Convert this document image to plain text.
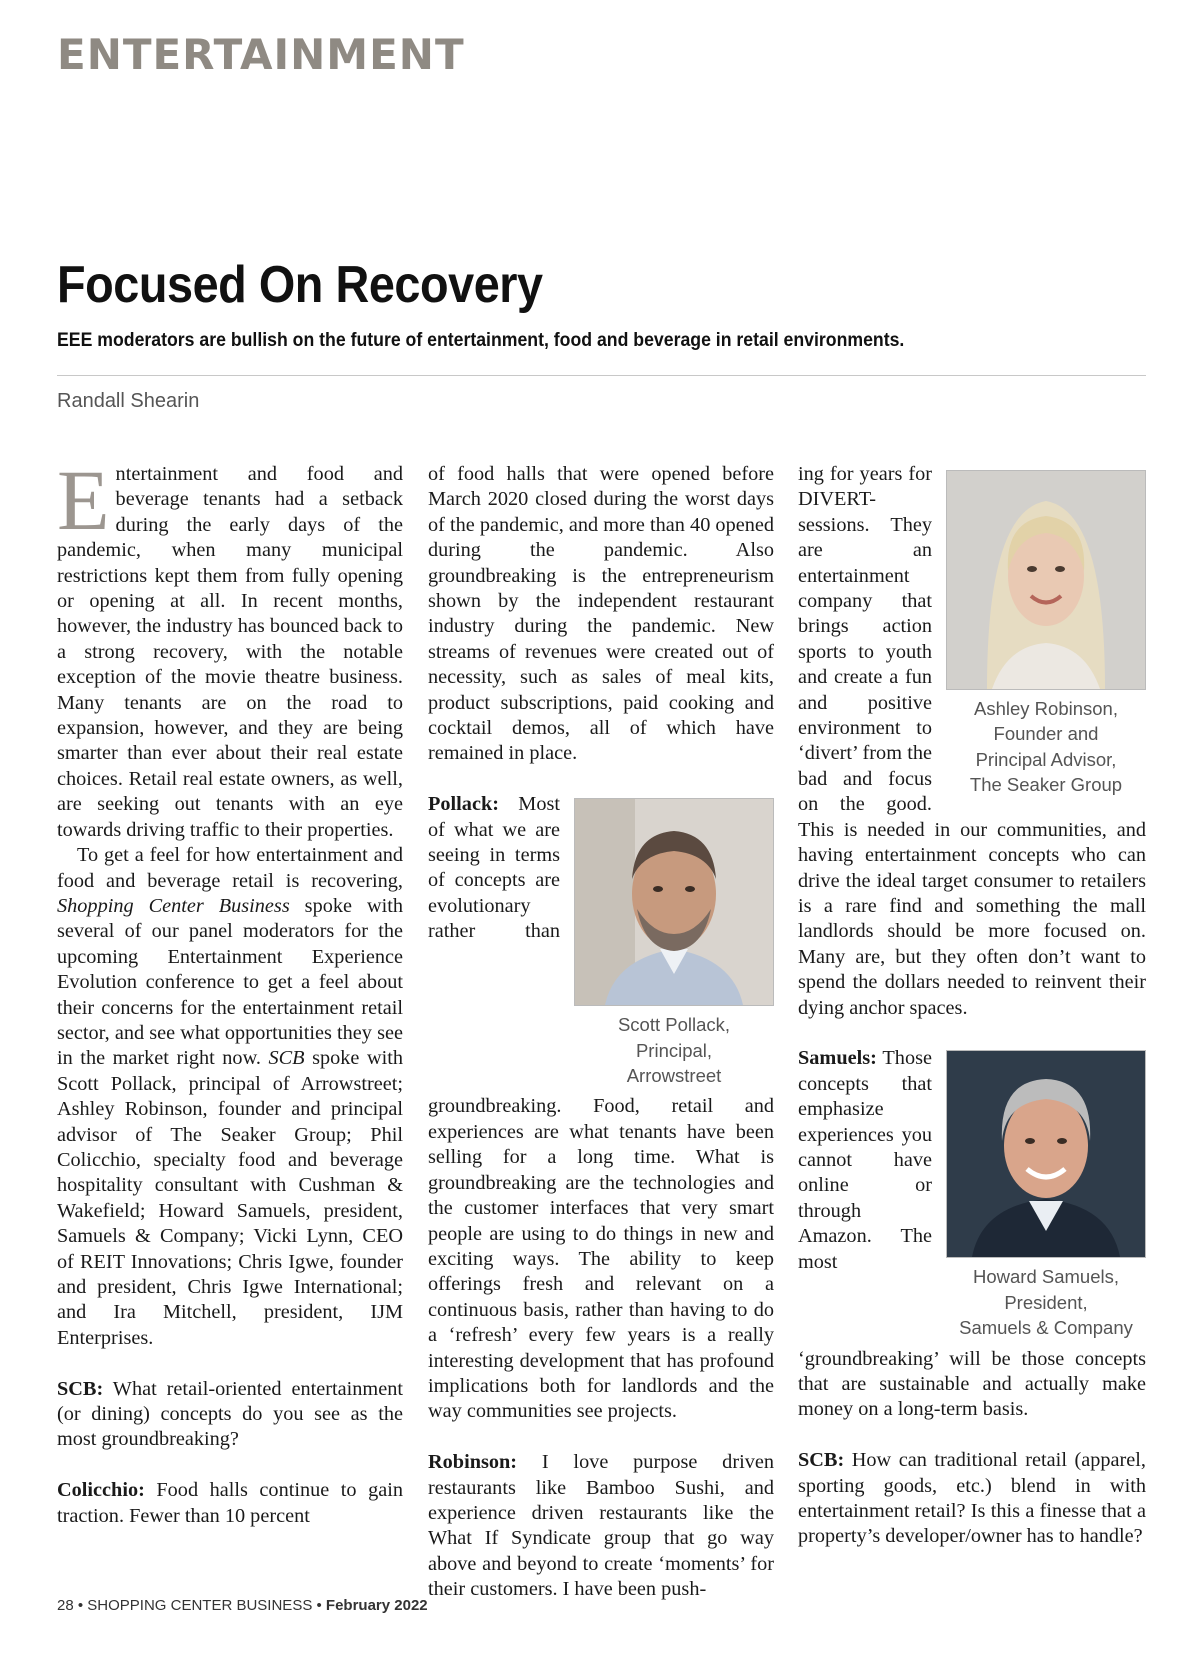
ENTERTAINMENT
Focused On Recovery
EEE moderators are bullish on the future of entertainment, food and beverage in retail environments.
Randall Shearin

Entertainment and food and beverage tenants had a setback during the early days of the pandemic, when many municipal restrictions kept them from fully opening or opening at all. In recent months, however, the industry has bounced back to a strong recovery, with the notable exception of the movie theatre business. Many tenants are on the road to expansion, however, and they are being smarter than ever about their real estate choices. Retail real estate owners, as well, are seeking out tenants with an eye towards driving traffic to their properties.

To get a feel for how entertainment and food and beverage retail is recovering, Shopping Center Business spoke with several of our panel moderators for the upcoming Entertainment Experience Evolution conference to get a feel about their concerns for the entertainment retail sector, and see what opportunities they see in the market right now. SCB spoke with Scott Pollack, principal of Arrowstreet; Ashley Robinson, founder and principal advisor of The Seaker Group; Phil Colicchio, specialty food and beverage hospitality consultant with Cushman & Wakefield; Howard Samuels, president, Samuels & Company; Vicki Lynn, CEO of REIT Innovations; Chris Igwe, founder and president, Chris Igwe International; and Ira Mitchell, president, IJM Enterprises.

SCB: What retail-oriented entertainment (or dining) concepts do you see as the most groundbreaking?

Colicchio: Food halls continue to gain traction. Fewer than 10 percent

of food halls that were opened before March 2020 closed during the worst days of the pandemic, and more than 40 opened during the pandemic. Also groundbreaking is the entrepreneurism shown by the independent restaurant industry during the pandemic. New streams of revenues were created out of necessity, such as sales of meal kits, product subscriptions, paid cooking and cocktail demos, all of which have remained in place.

Scott Pollack,
Principal,
Arrowstreet
Pollack: Most of what we are seeing in terms of concepts are evolutionary rather than groundbreaking. Food, retail and experiences are what tenants have been selling for a long time. What is groundbreaking are the technologies and the customer interfaces that very smart people are using to do things in new and exciting ways. The ability to keep offerings fresh and relevant on a continuous basis, rather than having to do a ‘refresh’ every few years is a really interesting development that has profound implications both for landlords and the way communities see projects.

Robinson: I love purpose driven restaurants like Bamboo Sushi, and experience driven restaurants like the What If Syndicate group that go way above and beyond to create ‘moments’ for their customers. I have been push-

Ashley Robinson,
Founder and
Principal Advisor,
The Seaker Group
ing for years for DIVERT-sessions. They are an entertainment company that brings action sports to youth and create a fun and positive environment to ‘divert’ from the bad and focus on the good. This is needed in our communities, and having entertainment concepts who can drive the ideal target consumer to retailers is a rare find and something the mall landlords should be more focused on. Many are, but they often don’t want to spend the dollars needed to reinvent their dying anchor spaces.

Howard Samuels,
President,
Samuels & Company
Samuels: Those concepts that emphasize experiences you cannot have online or through Amazon. The most ‘groundbreaking’ will be those concepts that are sustainable and actually make money on a long-term basis.

SCB: How can traditional retail (apparel, sporting goods, etc.) blend in with entertainment retail? Is this a finesse that a property’s developer/owner has to handle?

28 • SHOPPING CENTER BUSINESS • February 2022
